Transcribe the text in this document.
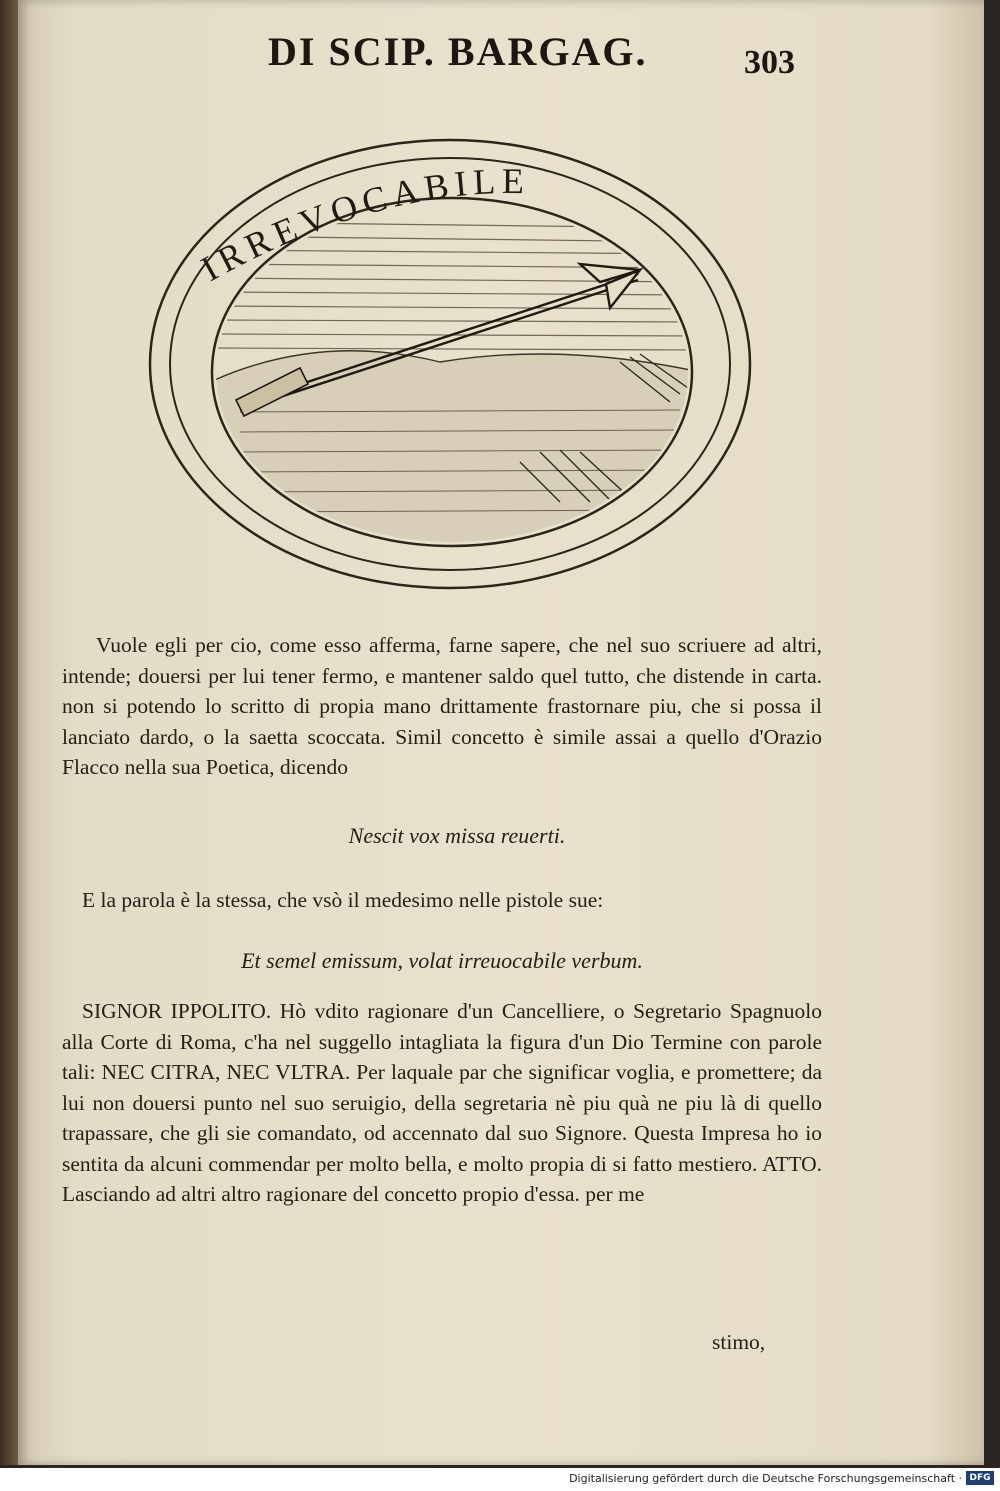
DI SCIP. BARGAG.	303
IRREVOCABILE

Vuole egli per cio, come esso afferma, farne sapere, che nel suo scriuere ad altri, intende; douersi per lui tener fermo, e mantener saldo quel tutto, che distende in carta. non si potendo lo scritto di propia mano drittamente frastornare piu, che si possa il lanciato dardo, o la saetta scoccata. Simil concetto è simile assai a quello d'Orazio Flacco nella sua Poetica, dicendo

Nescit vox missa reuerti.

E la parola è la stessa, che vsò il medesimo nelle pistole sue:

Et semel emissum, volat irreuocabile verbum.

SIGNOR IPPOLITO. Hò vdito ragionare d'un Cancelliere, o Segretario Spagnuolo alla Corte di Roma, c'ha nel suggello intagliata la figura d'un Dio Termine con parole tali: NEC CITRA, NEC VLTRA. Per laquale par che significar voglia, e promettere; da lui non douersi punto nel suo seruigio, della segretaria nè piu quà ne piu là di quello trapassare, che gli sie comandato, od accennato dal suo Signore. Questa Impresa ho io sentita da alcuni commendar per molto bella, e molto propia di si fatto mestiero. ATTO. Lasciando ad altri altro ragionare del concetto propio d'essa. per me

stimo,
Digitalisierung gefördert durch die Deutsche Forschungsgemeinschaft · DFG
